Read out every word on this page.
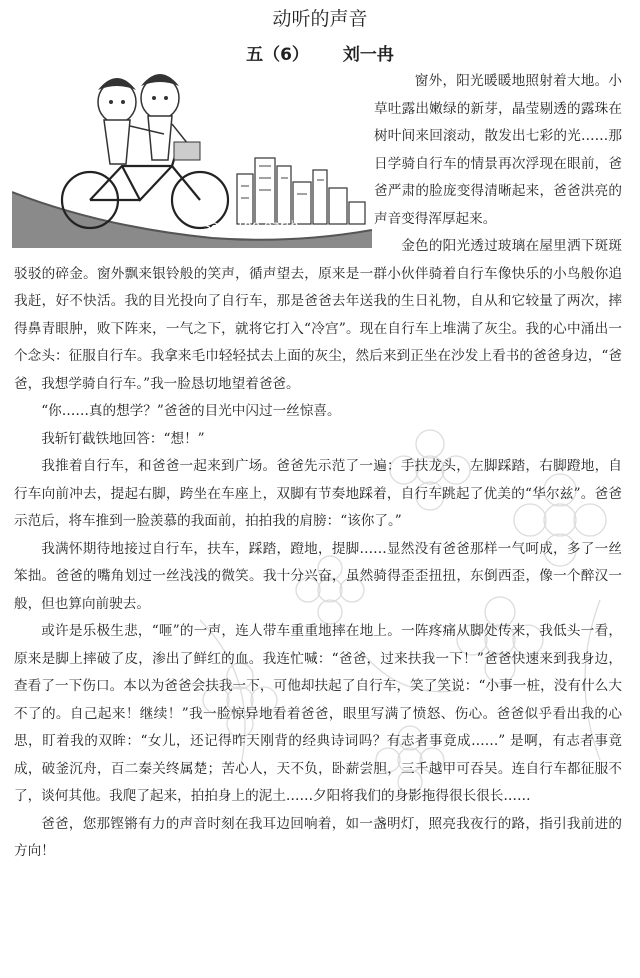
动听的声音
五（6） 刘一冉
save the earth

窗外，阳光暖暖地照射着大地。小草吐露出嫩绿的新芽，晶莹剔透的露珠在树叶间来回滚动，散发出七彩的光……那日学骑自行车的情景再次浮现在眼前，爸爸严肃的脸庞变得清晰起来，爸爸洪亮的声音变得浑厚起来。

金色的阳光透过玻璃在屋里洒下斑斑驳驳的碎金。窗外飘来银铃般的笑声，循声望去，原来是一群小伙伴骑着自行车像快乐的小鸟般你追我赶，好不快活。我的目光投向了自行车，那是爸爸去年送我的生日礼物，自从和它较量了两次，摔得鼻青眼肿，败下阵来，一气之下，就将它打入“冷宫”。现在自行车上堆满了灰尘。我的心中涌出一个念头：征服自行车。我拿来毛巾轻轻拭去上面的灰尘，然后来到正坐在沙发上看书的爸爸身边，“爸爸，我想学骑自行车。”我一脸恳切地望着爸爸。

“你……真的想学？”爸爸的目光中闪过一丝惊喜。

我斩钉截铁地回答：“想！”

我推着自行车，和爸爸一起来到广场。爸爸先示范了一遍：手扶龙头，左脚踩踏，右脚蹬地，自行车向前冲去，提起右脚，跨坐在车座上，双脚有节奏地踩着，自行车跳起了优美的“华尔兹”。爸爸示范后，将车推到一脸羡慕的我面前，拍拍我的肩膀：“该你了。”

我满怀期待地接过自行车，扶车，踩踏，蹬地，提脚……显然没有爸爸那样一气呵成，多了一丝笨拙。爸爸的嘴角划过一丝浅浅的微笑。我十分兴奋，虽然骑得歪歪扭扭，东倒西歪，像一个醉汉一般，但也算向前驶去。

或许是乐极生悲，“咂”的一声，连人带车重重地摔在地上。一阵疼痛从脚处传来，我低头一看，原来是脚上摔破了皮，渗出了鲜红的血。我连忙喊：“爸爸，过来扶我一下！”爸爸快速来到我身边，查看了一下伤口。本以为爸爸会扶我一下，可他却扶起了自行车，笑了笑说：“小事一桩，没有什么大不了的。自己起来！继续！”我一脸惊异地看着爸爸，眼里写满了愤怒、伤心。爸爸似乎看出我的心思，盯着我的双眸：“女儿，还记得昨天刚背的经典诗词吗？有志者事竟成……” 是啊，有志者事竟成，破釜沉舟，百二秦关终属楚；苦心人，天不负，卧薪尝胆，三千越甲可吞吴。连自行车都征服不了，谈何其他。我爬了起来，拍拍身上的泥土……夕阳将我们的身影拖得很长很长……

爸爸，您那铿锵有力的声音时刻在我耳边回响着，如一盏明灯，照亮我夜行的路，指引我前进的方向！
